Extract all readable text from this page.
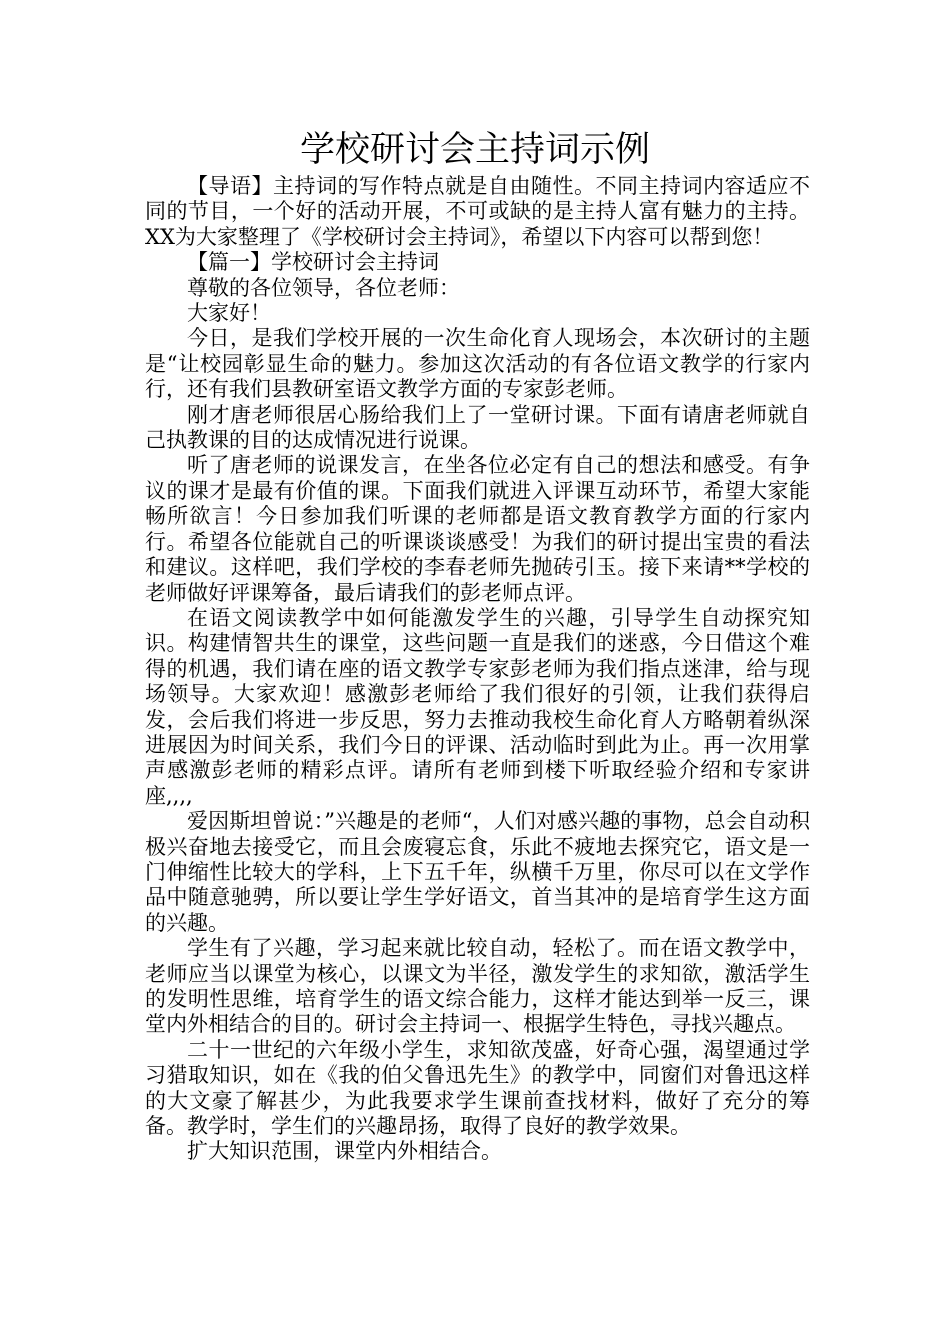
学校研讨会主持词示例

【导语】主持词的写作特点就是自由随性。不同主持词内容适应不同的节目，一个好的活动开展，不可或缺的是主持人富有魅力的主持。XX为大家整理了《学校研讨会主持词》，希望以下内容可以帮到您！

【篇一】学校研讨会主持词

尊敬的各位领导，各位老师：

大家好！

今日，是我们学校开展的一次生命化育人现场会，本次研讨的主题是“让校园彰显生命的魅力。参加这次活动的有各位语文教学的行家内行，还有我们县教研室语文教学方面的专家彭老师。

刚才唐老师很居心肠给我们上了一堂研讨课。下面有请唐老师就自己执教课的目的达成情况进行说课。

听了唐老师的说课发言，在坐各位必定有自己的想法和感受。有争议的课才是最有价值的课。下面我们就进入评课互动环节，希望大家能畅所欲言！今日参加我们听课的老师都是语文教育教学方面的行家内行。希望各位能就自己的听课谈谈感受！为我们的研讨提出宝贵的看法和建议。这样吧，我们学校的李春老师先抛砖引玉。接下来请**学校的老师做好评课筹备，最后请我们的彭老师点评。

在语文阅读教学中如何能激发学生的兴趣，引导学生自动探究知识。构建情智共生的课堂，这些问题一直是我们的迷惑，今日借这个难得的机遇，我们请在座的语文教学专家彭老师为我们指点迷津，给与现场领导。大家欢迎！感激彭老师给了我们很好的引领，让我们获得启发，会后我们将进一步反思，努力去推动我校生命化育人方略朝着纵深进展因为时间关系，我们今日的评课、活动临时到此为止。再一次用掌声感激彭老师的精彩点评。请所有老师到楼下听取经验介绍和专家讲座,,,,

爱因斯坦曾说：”兴趣是的老师“，人们对感兴趣的事物，总会自动积极兴奋地去接受它，而且会废寝忘食，乐此不疲地去探究它，语文是一门伸缩性比较大的学科，上下五千年，纵横千万里，你尽可以在文学作品中随意驰骋，所以要让学生学好语文，首当其冲的是培育学生这方面的兴趣。

学生有了兴趣，学习起来就比较自动，轻松了。而在语文教学中，老师应当以课堂为核心，以课文为半径，激发学生的求知欲，激活学生的发明性思维，培育学生的语文综合能力，这样才能达到举一反三，课堂内外相结合的目的。研讨会主持词一、根据学生特色，寻找兴趣点。

二十一世纪的六年级小学生，求知欲茂盛，好奇心强，渴望通过学习猎取知识，如在《我的伯父鲁迅先生》的教学中，同窗们对鲁迅这样的大文豪了解甚少，为此我要求学生课前查找材料，做好了充分的筹备。教学时，学生们的兴趣昂扬，取得了良好的教学效果。

扩大知识范围，课堂内外相结合。
